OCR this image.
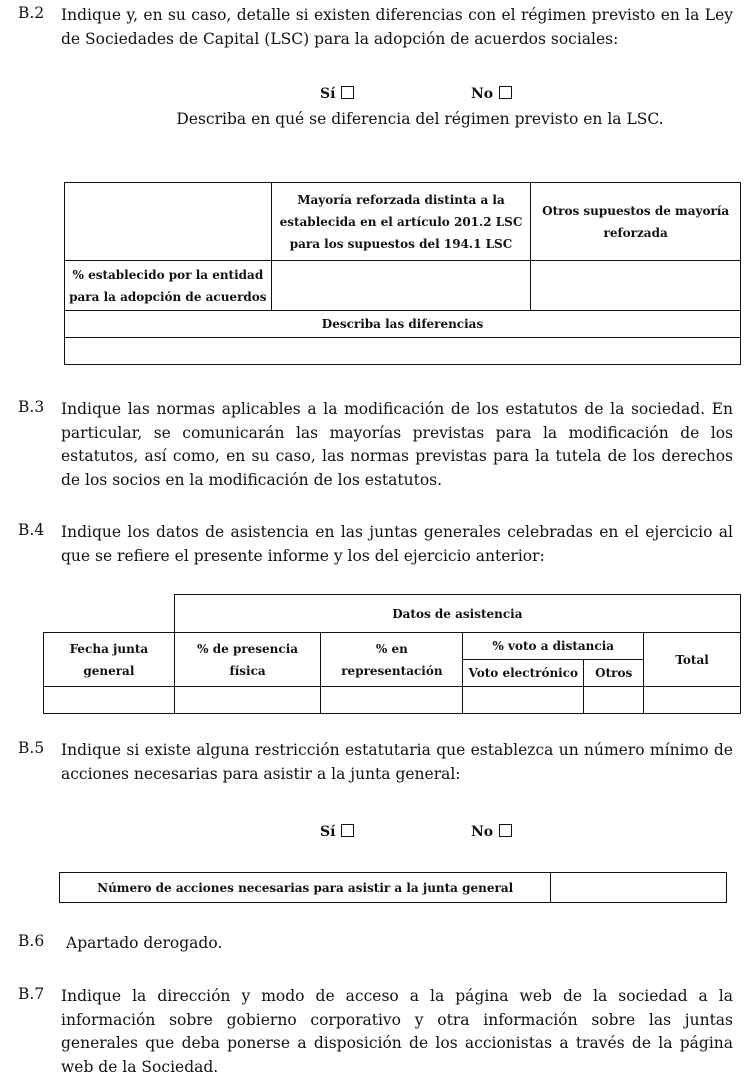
B.2 Indique y, en su caso, detalle si existen diferencias con el régimen previsto en la Ley de Sociedades de Capital (LSC) para la adopción de acuerdos sociales:
Sí	No
Describa en qué se diferencia del régimen previsto en la LSC.
	Mayoría reforzada distinta a la establecida en el artículo 201.2 LSC para los supuestos del 194.1 LSC	Otros supuestos de mayoría reforzada
% establecido por la entidad para la adopción de acuerdos		
Describa las diferencias		

B.3 Indique las normas aplicables a la modificación de los estatutos de la sociedad. En particular, se comunicarán las mayorías previstas para la modificación de los estatutos, así como, en su caso, las normas previstas para la tutela de los derechos de los socios en la modificación de los estatutos.
B.4 Indique los datos de asistencia en las juntas generales celebradas en el ejercicio al que se refiere el presente informe y los del ejercicio anterior:
	Datos de asistencia				
Fecha junta general	% de presencia física	% en representación	% voto a distancia		Total
			Voto electrónico	Otros	

B.5 Indique si existe alguna restricción estatutaria que establezca un número mínimo de acciones necesarias para asistir a la junta general:
Sí	No
Número de acciones necesarias para asistir a la junta general	
B.6 Apartado derogado.
B.7 Indique la dirección y modo de acceso a la página web de la sociedad a la información sobre gobierno corporativo y otra información sobre las juntas generales que deba ponerse a disposición de los accionistas a través de la página web de la Sociedad.
